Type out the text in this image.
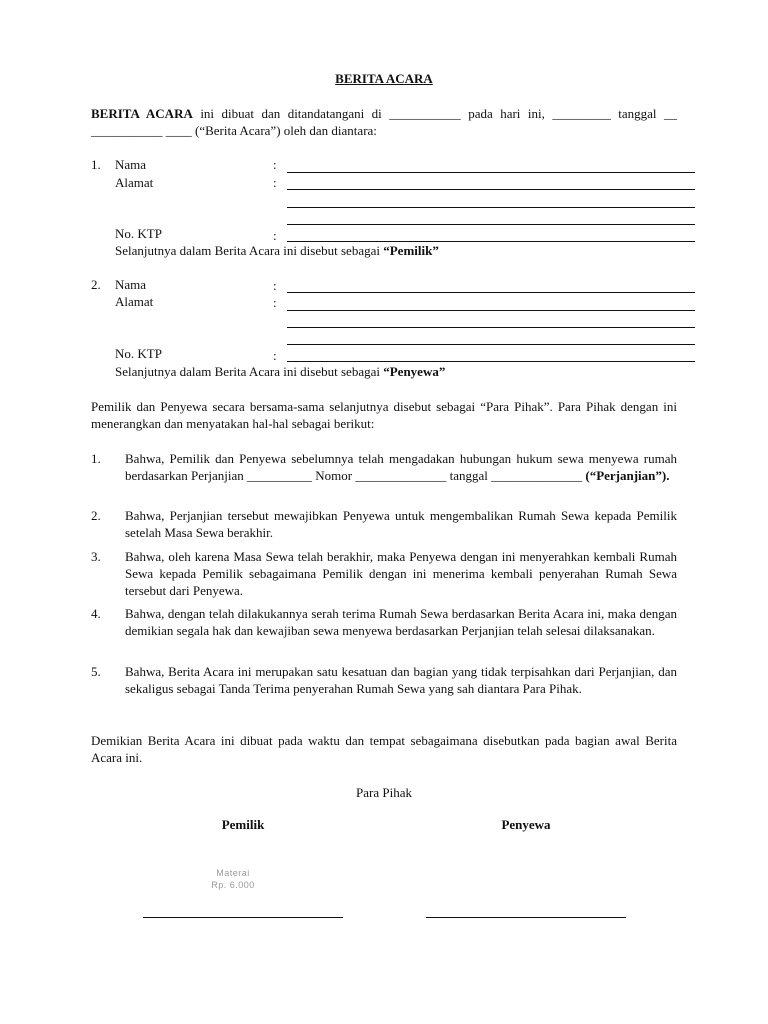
BERITA ACARA
BERITA ACARA ini dibuat dan ditandatangani di ___________ pada hari ini, _________ tanggal __ ___________ ____ (“Berita Acara”) oleh dan diantara:
1.	Nama	:
Alamat	:
No. KTP	:
Selanjutnya dalam Berita Acara ini disebut sebagai “Pemilik”
2.	Nama	:
Alamat	:
No. KTP	:
Selanjutnya dalam Berita Acara ini disebut sebagai “Penyewa”
Pemilik dan Penyewa secara bersama-sama selanjutnya disebut sebagai “Para Pihak”. Para Pihak dengan ini menerangkan dan menyatakan hal-hal sebagai berikut:
1.	Bahwa, Pemilik dan Penyewa sebelumnya telah mengadakan hubungan hukum sewa menyewa rumah berdasarkan Perjanjian __________ Nomor ______________ tanggal ______________ (“Perjanjian”).
2.	Bahwa, Perjanjian tersebut mewajibkan Penyewa untuk mengembalikan Rumah Sewa kepada Pemilik setelah Masa Sewa berakhir.
3.	Bahwa, oleh karena Masa Sewa telah berakhir, maka Penyewa dengan ini menyerahkan kembali Rumah Sewa kepada Pemilik sebagaimana Pemilik dengan ini menerima kembali penyerahan Rumah Sewa tersebut dari Penyewa.
4.	Bahwa, dengan telah dilakukannya serah terima Rumah Sewa berdasarkan Berita Acara ini, maka dengan demikian segala hak dan kewajiban sewa menyewa berdasarkan Perjanjian telah selesai dilaksanakan.
5.	Bahwa, Berita Acara ini merupakan satu kesatuan dan bagian yang tidak terpisahkan dari Perjanjian, dan sekaligus sebagai Tanda Terima penyerahan Rumah Sewa yang sah diantara Para Pihak.
Demikian Berita Acara ini dibuat pada waktu dan tempat sebagaimana disebutkan pada bagian awal Berita Acara ini.
Para Pihak
Pemilik	Penyewa
Materai
Rp. 6.000
